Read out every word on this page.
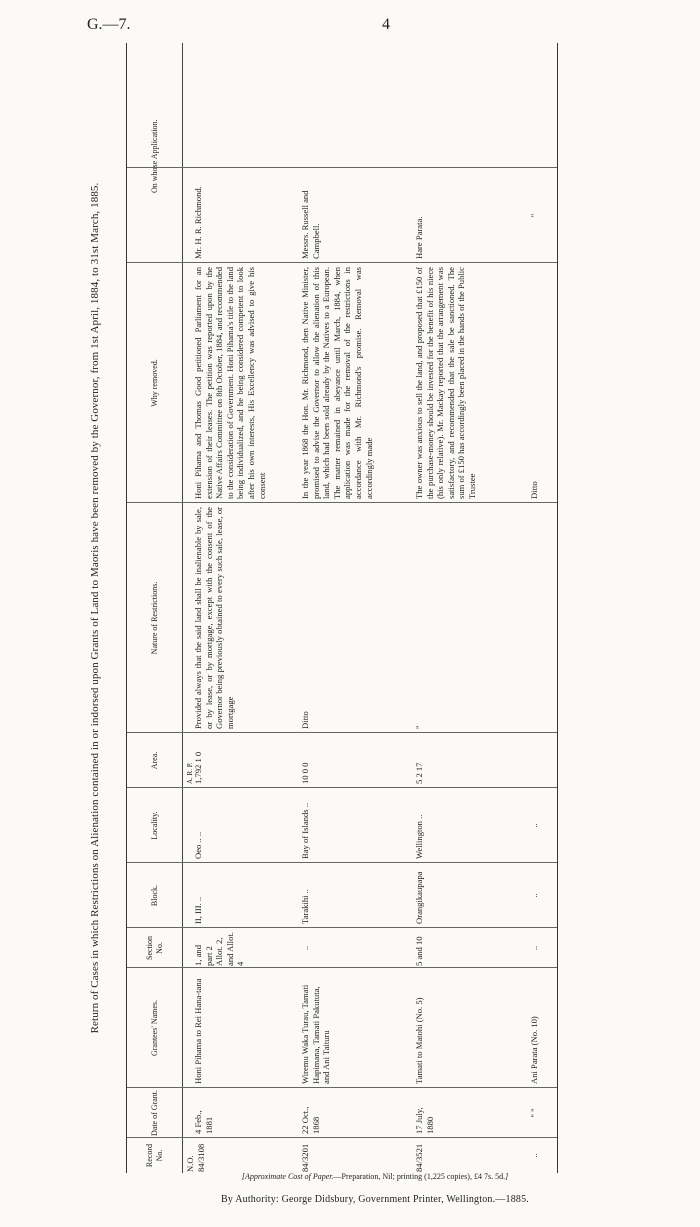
G.—7.	4
Return of Cases in which Restrictions on Alienation contained in or indorsed upon Grants of Land to Maoris have been removed by the Governor, from 1st April, 1884, to 31st March, 1885.
Record No.
Date of Grant.
Grantees' Names.
Section No.
Block.
Locality.
Area.
Nature of Restrictions.
Why removed.
On whose Application.
A. R. P.
N.O. 84/3108
4 Feb., 1881
Honi Pihama to Rei Hana-tana
1, and part 2 Allot. 2, and Allot. 4
II, III. ..
Oeo .. ..
1,792 1 0
Provided always that the said land shall be inalienable by sale, or by lease, or by mortgage, except with the consent of the Governor being previously obtained to every such sale, lease, or mortgage
Honi Pihama and Thomas Good petitioned Parliament for an extension of their leases. The petition was reported upon by the Native Affairs Committee on 8th October, 1884, and recommended to the consideration of Government. Honi Pihama's title to the land being individualized, and he being considered competent to look after his own interests, His Excellency was advised to give his consent
Mr. H. R. Richmond.
84/3201
22 Oct., 1868
Wiremu Waka Turau, Tamati Hapimana, Tamati Pakututa, and Ani Taituru
..
Tarakihi ..
Bay of Islands ..
10 0 0
Ditto
In the year 1868 the Hon. Mr. Richmond, then Native Minister, promised to advise the Governor to allow the alienation of this land, which had been sold already by the Natives to a European. The matter remained in abeyance until March, 1884, when application was made for the removal of the restrictions in accordance with Mr. Richmond's promise. Removal was accordingly made
Messrs. Russell and Campbell.
84/3521
17 July, 1880
Tamati to Matohi (No. 5)
5 and 10
Orangikaupapa
Wellington ..
5 2 17
"
The owner was anxious to sell the land, and proposed that £150 of the purchase-money should be invested for the benefit of his niece (his only relative). Mr. Mackay reported that the arrangement was satisfactory, and recommended that the sale be sanctioned. The sum of £150 has accordingly been placed in the hands of the Public Trustee
Hare Parata.
..
" "
Ani Parata (No. 10)
..
..
..
Ditto
"
[Approximate Cost of Paper.—Preparation, Nil; printing (1,225 copies), £4 7s. 5d.]
By Authority: George Didsbury, Government Printer, Wellington.—1885.
